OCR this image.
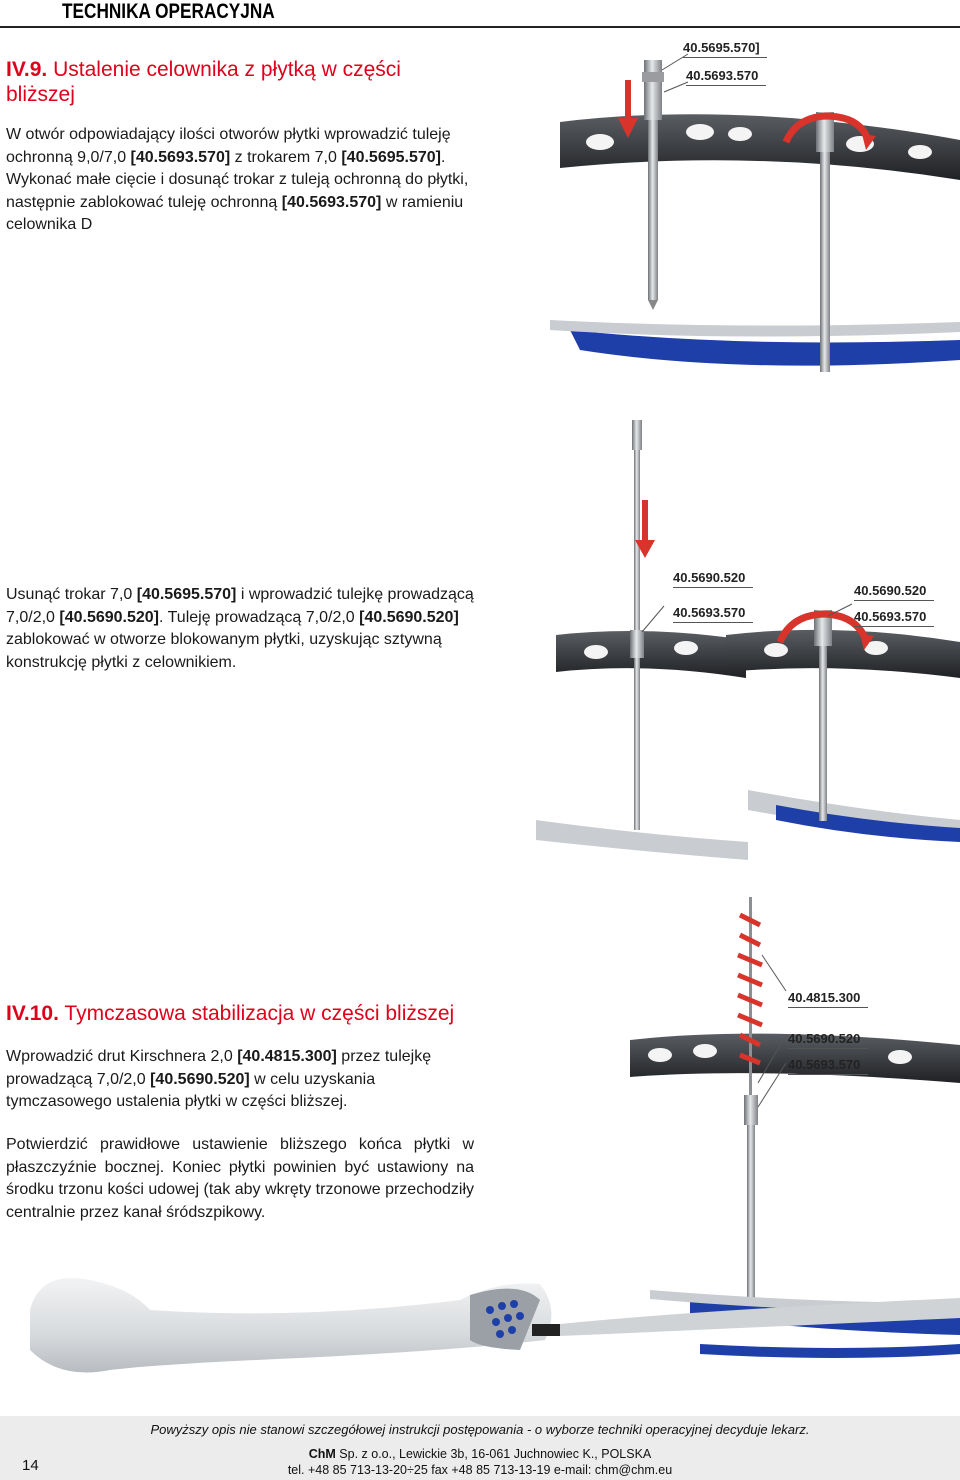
TECHNIKA OPERACYJNA
IV.9. Ustalenie celownika z płytką w części bliższej
W otwór odpowiadający ilości otworów płytki wprowadzić tuleję ochronną 9,0/7,0 [40.5693.570] z trokarem 7,0 [40.5695.570]. Wykonać małe cięcie i dosunąć trokar z tuleją ochronną do płytki, następnie zablokować tuleję ochronną [40.5693.570] w ramieniu celownika D
40.5695.570]
40.5693.570
Usunąć trokar 7,0 [40.5695.570] i wprowadzić tulejkę prowadzącą 7,0/2,0 [40.5690.520]. Tuleję prowadzącą 7,0/2,0 [40.5690.520] zablokować w otworze blokowanym płytki, uzyskując sztywną konstrukcję płytki z celownikiem.
40.5690.520
40.5693.570
40.5690.520
40.5693.570
IV.10. Tymczasowa stabilizacja w części bliższej
Wprowadzić drut Kirschnera 2,0 [40.4815.300] przez tulejkę prowadzącą 7,0/2,0 [40.5690.520] w celu uzyskania tymczasowego ustalenia płytki w części bliższej.
Potwierdzić prawidłowe ustawienie bliższego końca płytki w płaszczyźnie bocznej. Koniec płytki powinien być ustawiony na środku trzonu kości udowej (tak aby wkręty trzonowe przechodziły centralnie przez kanał śródszpikowy.
40.4815.300
40.5690.520
40.5693.570
Powyższy opis nie stanowi szczegółowej instrukcji postępowania - o wyborze techniki operacyjnej decyduje lekarz.
ChM Sp. z o.o., Lewickie 3b, 16-061 Juchnowiec K., POLSKA
tel. +48 85 713-13-20÷25 fax +48 85 713-13-19 e-mail: chm@chm.eu
14
